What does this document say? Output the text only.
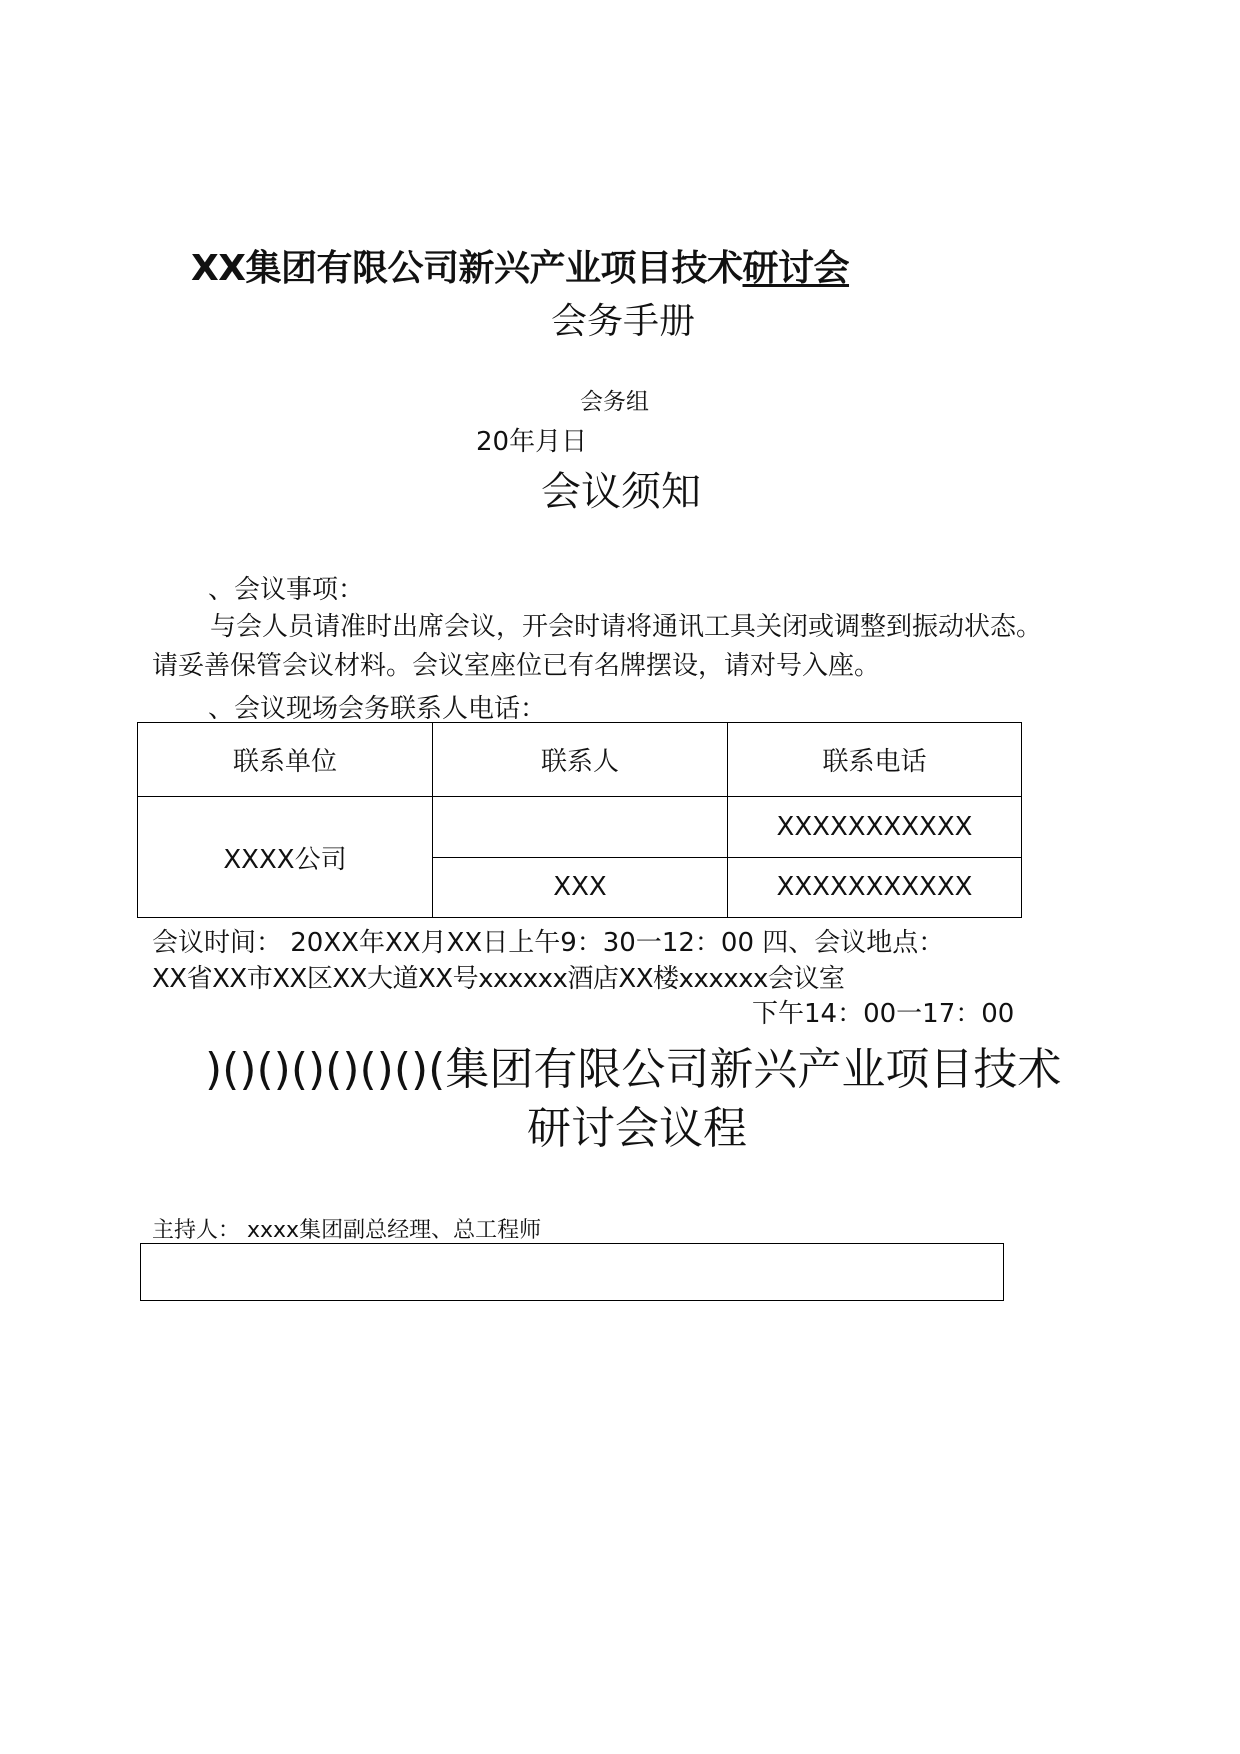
XX集团有限公司新兴产业项目技术研讨会
会务手册
会务组
20年月日
会议须知
、会议事项：
与会人员请准时出席会议，开会时请将通讯工具关闭或调整到振动状态。
请妥善保管会议材料。会议室座位已有名牌摆设，请对号入座。
、会议现场会务联系人电话：
联系单位	联系人	联系电话
XXXX公司		XXXXXXXXXXX
	XXX	XXXXXXXXXXX
会议时间： 20XX年XX月XX日上午9：30一12：00 四、会议地点：
XX省XX市XX区XX大道XX号xxxxxx酒店XX楼xxxxxx会议室
下午14：00一17：00
)()()()()()()(集团有限公司新兴产业项目技术
研讨会议程
主持人： xxxx集团副总经理、总工程师
